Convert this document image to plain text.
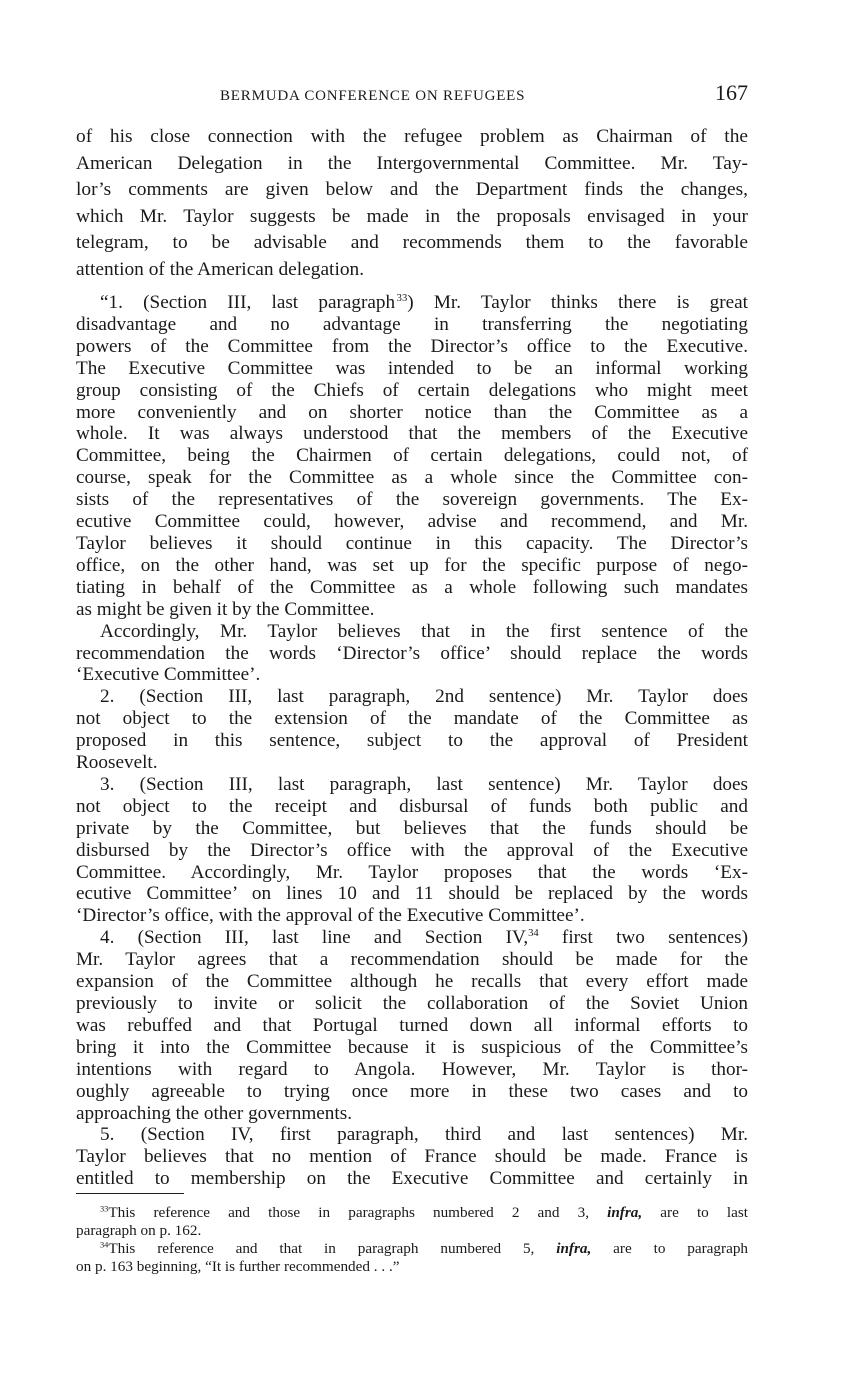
BERMUDA CONFERENCE ON REFUGEES	167

of his close connection with the refugee problem as Chairman of the
American Delegation in the Intergovernmental Committee. Mr. Tay-
lor’s comments are given below and the Department finds the changes,
which Mr. Taylor suggests be made in the proposals envisaged in your
telegram, to be advisable and recommends them to the favorable
attention of the American delegation.

“1. (Section III, last paragraph  $^{33}$) Mr. Taylor thinks there is great
disadvantage and no advantage in transferring the negotiating
powers of the Committee from the Director’s office to the Executive.
The Executive Committee was intended to be an informal working
group consisting of the Chiefs of certain delegations who might meet
more conveniently and on shorter notice than the Committee as a
whole. It was always understood that the members of the Executive
Committee, being the Chairmen of certain delegations, could not, of
course, speak for the Committee as a whole since the Committee con-
sists of the representatives of the sovereign governments. The Ex-
ecutive Committee could, however, advise and recommend, and Mr.
Taylor believes it should continue in this capacity. The Director’s
office, on the other hand, was set up for the specific purpose of nego-
tiating in behalf of the Committee as a whole following such mandates
as might be given it by the Committee.
Accordingly, Mr. Taylor believes that in the first sentence of the
recommendation the words ‘Director’s office’ should replace the words
‘Executive Committee’.
2. (Section III, last paragraph, 2nd sentence) Mr. Taylor does
not object to the extension of the mandate of the Committee as
proposed in this sentence, subject to the approval of President
Roosevelt.
3. (Section III, last paragraph, last sentence) Mr. Taylor does
not object to the receipt and disbursal of funds both public and
private by the Committee, but believes that the funds should be
disbursed by the Director’s office with the approval of the Executive
Committee. Accordingly, Mr. Taylor proposes that the words ‘Ex-
ecutive Committee’ on lines 10 and 11 should be replaced by the words
‘Director’s office, with the approval of the Executive Committee’.
4. (Section III, last line and Section IV,$^{34}$ first two sentences)
Mr. Taylor agrees that a recommendation should be made for the
expansion of the Committee although he recalls that every effort made
previously to invite or solicit the collaboration of the Soviet Union
was rebuffed and that Portugal turned down all informal efforts to
bring it into the Committee because it is suspicious of the Committee’s
intentions with regard to Angola. However, Mr. Taylor is thor-
oughly agreeable to trying once more in these two cases and to
approaching the other governments.
5. (Section IV, first paragraph, third and last sentences) Mr.
Taylor believes that no mention of France should be made. France is
entitled to membership on the Executive Committee and certainly in

$^{33}$This reference and those in paragraphs numbered 2 and 3, infra, are to last
paragraph on p. 162.

$^{34}$This reference and that in paragraph numbered 5, infra, are to paragraph
on p. 163 beginning, “It is further recommended . . .”
